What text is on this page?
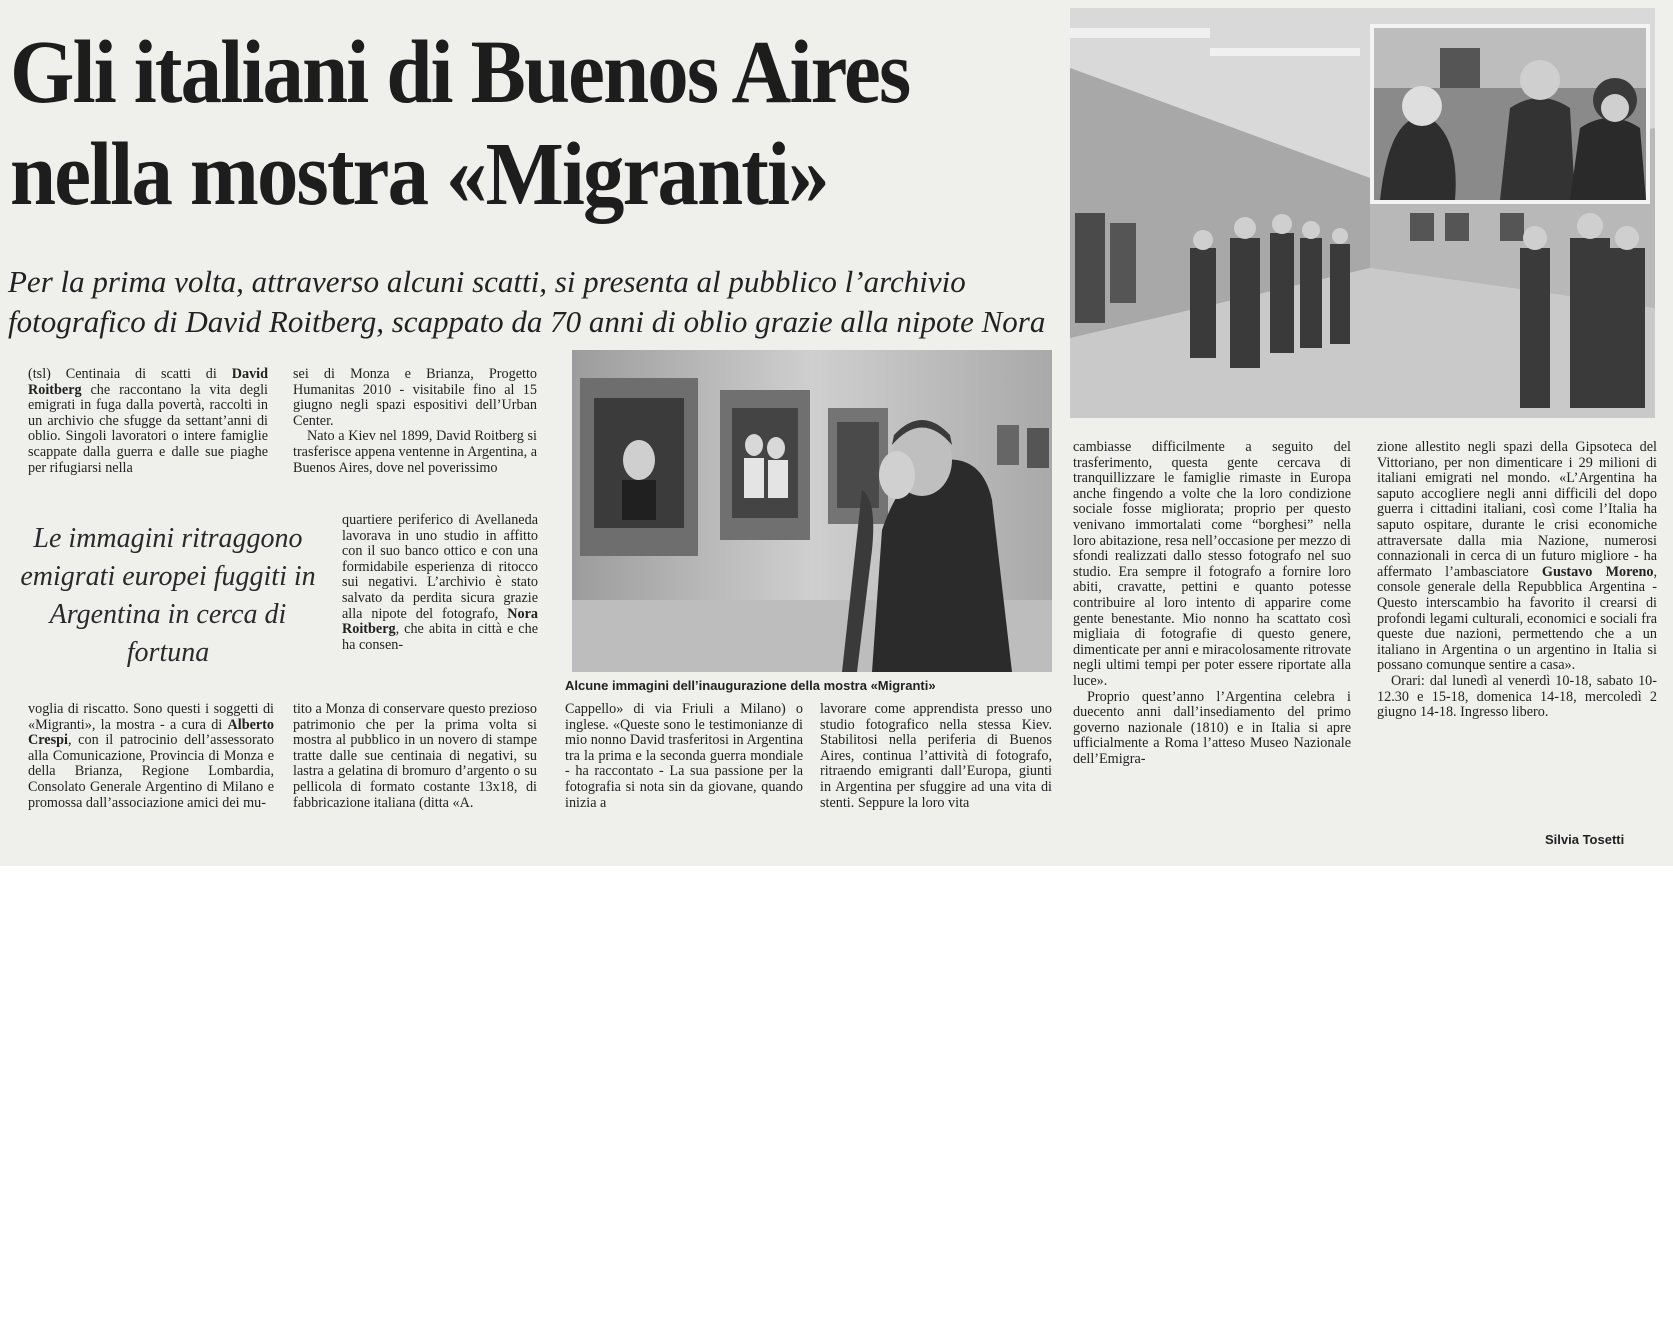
Gli italiani di Buenos Aires
nella mostra «Migranti»
Per la prima volta, attraverso alcuni scatti, si presenta al pubblico l’archivio fotografico di David Roitberg, scappato da 70 anni di oblio grazie alla nipote Nora

(tsl) Centinaia di scatti di David Roitberg che raccontano la vita degli emigrati in fuga dalla povertà, raccolti in un archivio che sfugge da settant’anni di oblio. Singoli lavoratori o intere famiglie scappate dalla guerra e dalle sue piaghe per rifugiarsi nella

Le immagini ritraggono emigrati europei fuggiti in Argentina in cerca di fortuna

voglia di riscatto. Sono questi i soggetti di «Migranti», la mostra - a cura di Alberto Crespi, con il patrocinio dell’assessorato alla Comunicazione, Provincia di Monza e della Brianza, Regione Lombardia, Consolato Generale Argentino di Milano e promossa dall’associazione amici dei mu-

sei di Monza e Brianza, Progetto Humanitas 2010 - visitabile fino al 15 giugno negli spazi espositivi dell’Urban Center.

Nato a Kiev nel 1899, David Roitberg si trasferisce appena ventenne in Argentina, a Buenos Aires, dove nel poverissimo

quartiere periferico di Avellaneda lavorava in uno studio in affitto con il suo banco ottico e con una formidabile esperienza di ritocco sui negativi. L’archivio è stato salvato da perdita sicura grazie alla nipote del fotografo, Nora Roitberg, che abita in città e che ha consen-

tito a Monza di conservare questo prezioso patrimonio che per la prima volta si mostra al pubblico in un novero di stampe tratte dalle sue centinaia di negativi, su lastra a gelatina di bromuro d’argento o su pellicola di formato costante 13x18, di fabbricazione italiana (ditta «A.

Alcune immagini dell’inaugurazione della mostra «Migranti»

Cappello» di via Friuli a Milano) o inglese. «Queste sono le testimonianze di mio nonno David trasferitosi in Argentina tra la prima e la seconda guerra mondiale - ha raccontato - La sua passione per la fotografia si nota sin da giovane, quando inizia a

lavorare come apprendista presso uno studio fotografico nella stessa Kiev. Stabilitosi nella periferia di Buenos Aires, continua l’attività di fotografo, ritraendo emigranti dall’Europa, giunti in Argentina per sfuggire ad una vita di stenti. Seppure la loro vita

cambiasse difficilmente a seguito del trasferimento, questa gente cercava di tranquillizzare le famiglie rimaste in Europa anche fingendo a volte che la loro condizione sociale fosse migliorata; proprio per questo venivano immortalati come “borghesi” nella loro abitazione, resa nell’occasione per mezzo di sfondi realizzati dallo stesso fotografo nel suo studio. Era sempre il fotografo a fornire loro abiti, cravatte, pettini e quanto potesse contribuire al loro intento di apparire come gente benestante. Mio nonno ha scattato così migliaia di fotografie di questo genere, dimenticate per anni e miracolosamente ritrovate negli ultimi tempi per poter essere riportate alla luce».

Proprio quest’anno l’Argentina celebra i duecento anni dall’insediamento del primo governo nazionale (1810) e in Italia si apre ufficialmente a Roma l’atteso Museo Nazionale dell’Emigra-

zione allestito negli spazi della Gipsoteca del Vittoriano, per non dimenticare i 29 milioni di italiani emigrati nel mondo. «L’Argentina ha saputo accogliere negli anni difficili del dopo guerra i cittadini italiani, così come l’Italia ha saputo ospitare, durante le crisi economiche attraversate dalla mia Nazione, numerosi connazionali in cerca di un futuro migliore - ha affermato l’ambasciatore Gustavo Moreno, console generale della Repubblica Argentina - Questo interscambio ha favorito il crearsi di profondi legami culturali, economici e sociali fra queste due nazioni, permettendo che a un italiano in Argentina o un argentino in Italia si possano comunque sentire a casa».

Orari: dal lunedì al venerdì 10-18, sabato 10-12.30 e 15-18, domenica 14-18, mercoledì 2 giugno 14-18. Ingresso libero.

Silvia Tosetti
